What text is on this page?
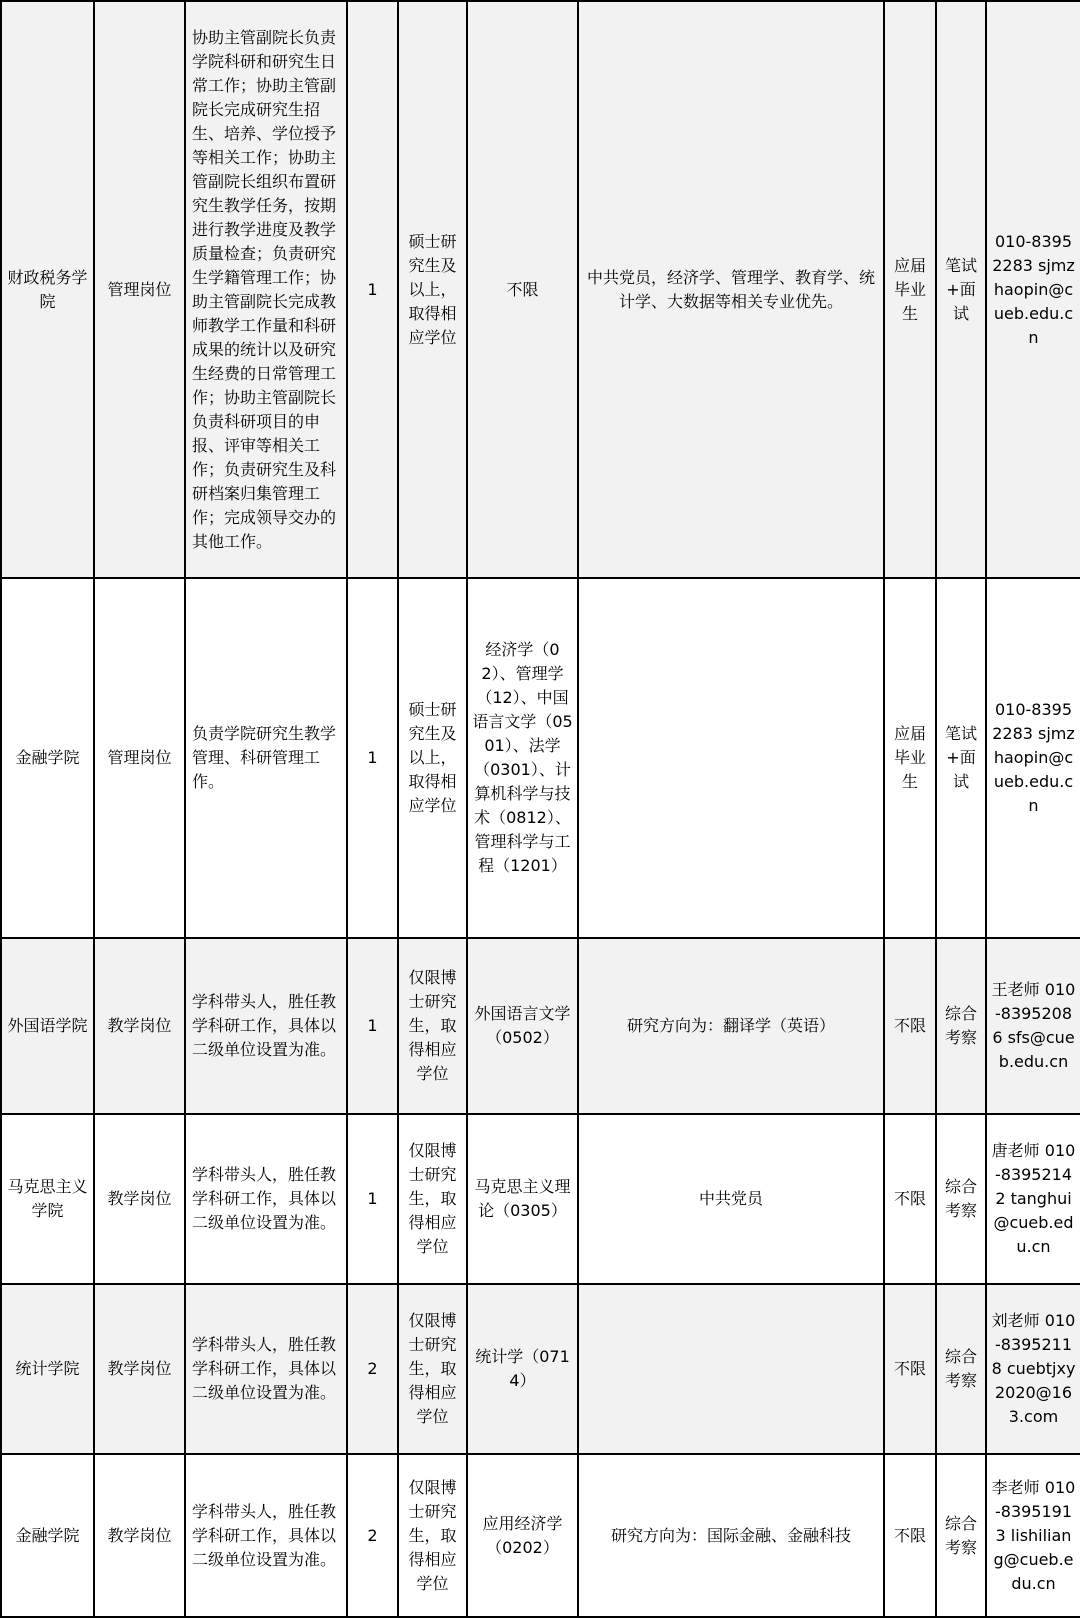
财政税务学院	管理岗位	协助主管副院长负责学院科研和研究生日常工作；协助主管副院长完成研究生招生、培养、学位授予等相关工作；协助主管副院长组织布置研究生教学任务，按期进行教学进度及教学质量检查；负责研究生学籍管理工作；协助主管副院长完成教师教学工作量和科研成果的统计以及研究生经费的日常管理工作；协助主管副院长负责科研项目的申报、评审等相关工作；负责研究生及科研档案归集管理工作；完成领导交办的其他工作。	1	硕士研究生及以上，取得相应学位	不限	中共党员，经济学、管理学、教育学、统计学、大数据等相关专业优先。	应届毕业生	笔试+面试	010-83952283 sjmzhaopin@cueb.edu.cn
金融学院	管理岗位	负责学院研究生教学管理、科研管理工作。	1	硕士研究生及以上，取得相应学位	经济学（02）、管理学（12）、中国语言文学（0501）、法学（0301）、计算机科学与技术（0812）、管理科学与工程（1201）		应届毕业生	笔试+面试	010-83952283 sjmzhaopin@cueb.edu.cn
外国语学院	教学岗位	学科带头人，胜任教学科研工作，具体以二级单位设置为准。	1	仅限博士研究生，取得相应学位	外国语言文学（0502）	研究方向为：翻译学（英语）	不限	综合考察	王老师 010-83952086 sfs@cueb.edu.cn
马克思主义学院	教学岗位	学科带头人，胜任教学科研工作，具体以二级单位设置为准。	1	仅限博士研究生，取得相应学位	马克思主义理论（0305）	中共党员	不限	综合考察	唐老师 010-83952142 tanghui@cueb.edu.cn
统计学院	教学岗位	学科带头人，胜任教学科研工作，具体以二级单位设置为准。	2	仅限博士研究生，取得相应学位	统计学（0714）		不限	综合考察	刘老师 010-83952118 cuebtjxy2020@163.com
金融学院	教学岗位	学科带头人，胜任教学科研工作，具体以二级单位设置为准。	2	仅限博士研究生，取得相应学位	应用经济学（0202）	研究方向为：国际金融、金融科技	不限	综合考察	李老师 010-83951913 lishiliang@cueb.edu.cn
